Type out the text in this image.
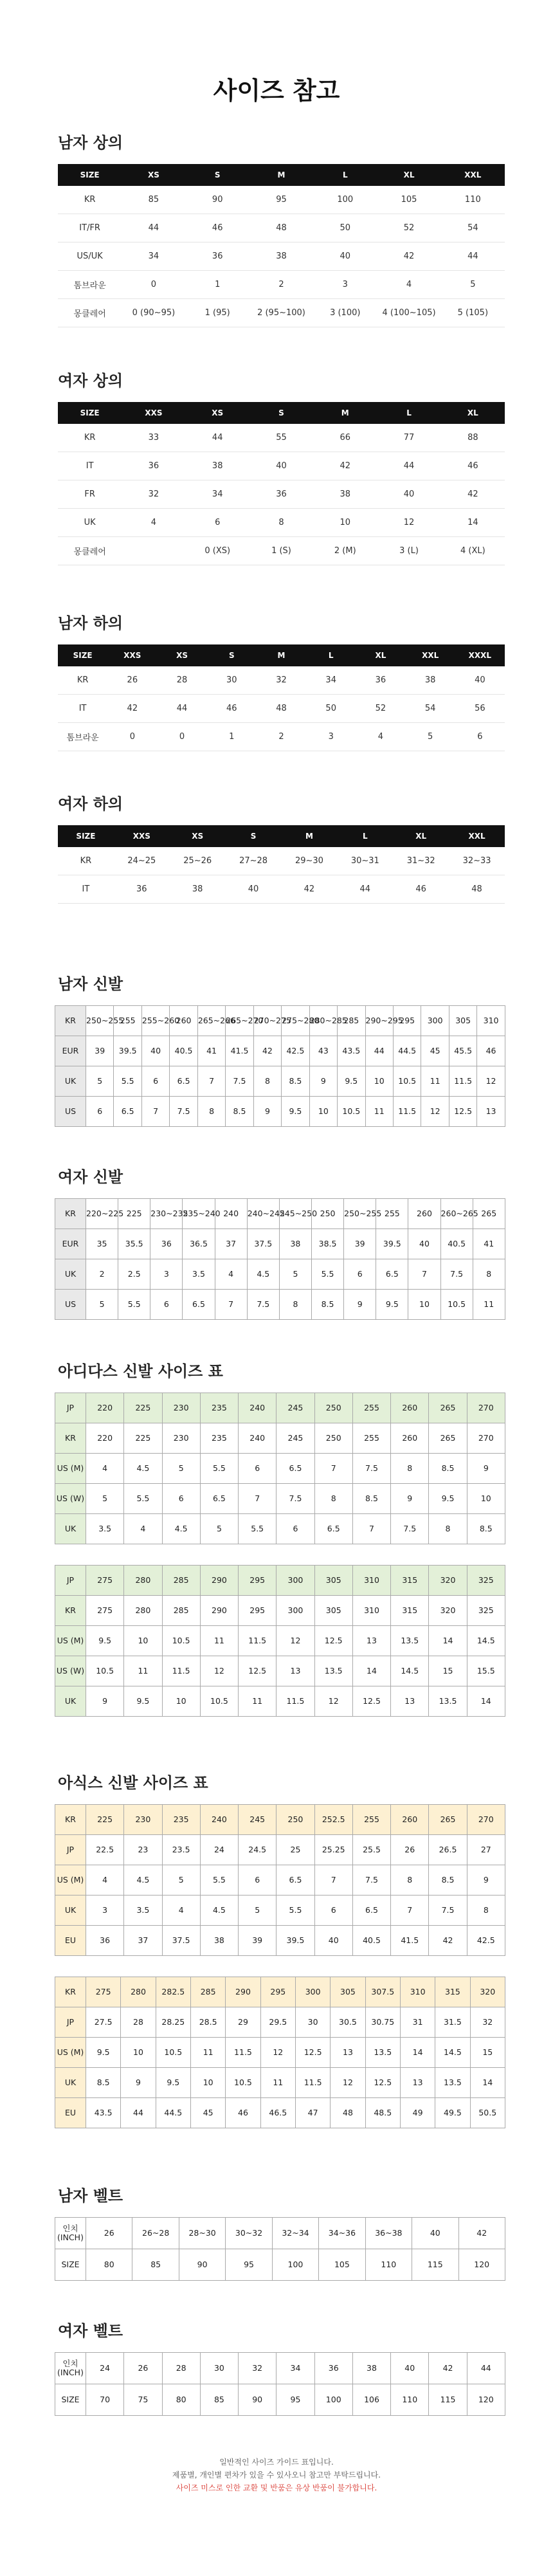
사이즈 참고
남자 상의
SIZE	XS	S	M	L	XL	XXL
KR	85	90	95	100	105	110
IT/FR	44	46	48	50	52	54
US/UK	34	36	38	40	42	44
톰브라운	0	1	2	3	4	5
몽클레어	0 (90~95)	1 (95)	2 (95~100)	3 (100)	4 (100~105)	5 (105)
여자 상의
SIZE	XXS	XS	S	M	L	XL
KR	33	44	55	66	77	88
IT	36	38	40	42	44	46
FR	32	34	36	38	40	42
UK	4	6	8	10	12	14
몽클레어		0 (XS)	1 (S)	2 (M)	3 (L)	4 (XL)
남자 하의
SIZE	XXS	XS	S	M	L	XL	XXL	XXXL
KR	26	28	30	32	34	36	38	40
IT	42	44	46	48	50	52	54	56
톰브라운	0	0	1	2	3	4	5	6
여자 하의
SIZE	XXS	XS	S	M	L	XL	XXL
KR	24~25	25~26	27~28	29~30	30~31	31~32	32~33
IT	36	38	40	42	44	46	48
남자 신발
KR	250~255	255	255~260	260	265~266	265~270	270~275	275~280	280~285	285	290~295	295	300	305	310
EUR	39	39.5	40	40.5	41	41.5	42	42.5	43	43.5	44	44.5	45	45.5	46
UK	5	5.5	6	6.5	7	7.5	8	8.5	9	9.5	10	10.5	11	11.5	12
US	6	6.5	7	7.5	8	8.5	9	9.5	10	10.5	11	11.5	12	12.5	13
여자 신발
KR	220~225	225	230~235	235~240	240	240~245	245~250	250	250~255	255	260	260~265	265
EUR	35	35.5	36	36.5	37	37.5	38	38.5	39	39.5	40	40.5	41
UK	2	2.5	3	3.5	4	4.5	5	5.5	6	6.5	7	7.5	8
US	5	5.5	6	6.5	7	7.5	8	8.5	9	9.5	10	10.5	11
아디다스 신발 사이즈 표
JP	220	225	230	235	240	245	250	255	260	265	270
KR	220	225	230	235	240	245	250	255	260	265	270
US (M)	4	4.5	5	5.5	6	6.5	7	7.5	8	8.5	9
US (W)	5	5.5	6	6.5	7	7.5	8	8.5	9	9.5	10
UK	3.5	4	4.5	5	5.5	6	6.5	7	7.5	8	8.5
JP	275	280	285	290	295	300	305	310	315	320	325
KR	275	280	285	290	295	300	305	310	315	320	325
US (M)	9.5	10	10.5	11	11.5	12	12.5	13	13.5	14	14.5
US (W)	10.5	11	11.5	12	12.5	13	13.5	14	14.5	15	15.5
UK	9	9.5	10	10.5	11	11.5	12	12.5	13	13.5	14
아식스 신발 사이즈 표
KR	225	230	235	240	245	250	252.5	255	260	265	270
JP	22.5	23	23.5	24	24.5	25	25.25	25.5	26	26.5	27
US (M)	4	4.5	5	5.5	6	6.5	7	7.5	8	8.5	9
UK	3	3.5	4	4.5	5	5.5	6	6.5	7	7.5	8
EU	36	37	37.5	38	39	39.5	40	40.5	41.5	42	42.5
KR	275	280	282.5	285	290	295	300	305	307.5	310	315	320
JP	27.5	28	28.25	28.5	29	29.5	30	30.5	30.75	31	31.5	32
US (M)	9.5	10	10.5	11	11.5	12	12.5	13	13.5	14	14.5	15
UK	8.5	9	9.5	10	10.5	11	11.5	12	12.5	13	13.5	14
EU	43.5	44	44.5	45	46	46.5	47	48	48.5	49	49.5	50.5
남자 벨트
인치 (INCH)	26	26~28	28~30	30~32	32~34	34~36	36~38	40	42
SIZE	80	85	90	95	100	105	110	115	120
여자 벨트
인치 (INCH)	24	26	28	30	32	34	36	38	40	42	44
SIZE	70	75	80	85	90	95	100	106	110	115	120
일반적인 사이즈 가이드 표입니다.
제품별, 개인별 편차가 있을 수 있사오니 참고만 부탁드립니다.
사이즈 미스로 인한 교환 및 반품은 유상 반품이 불가합니다.
